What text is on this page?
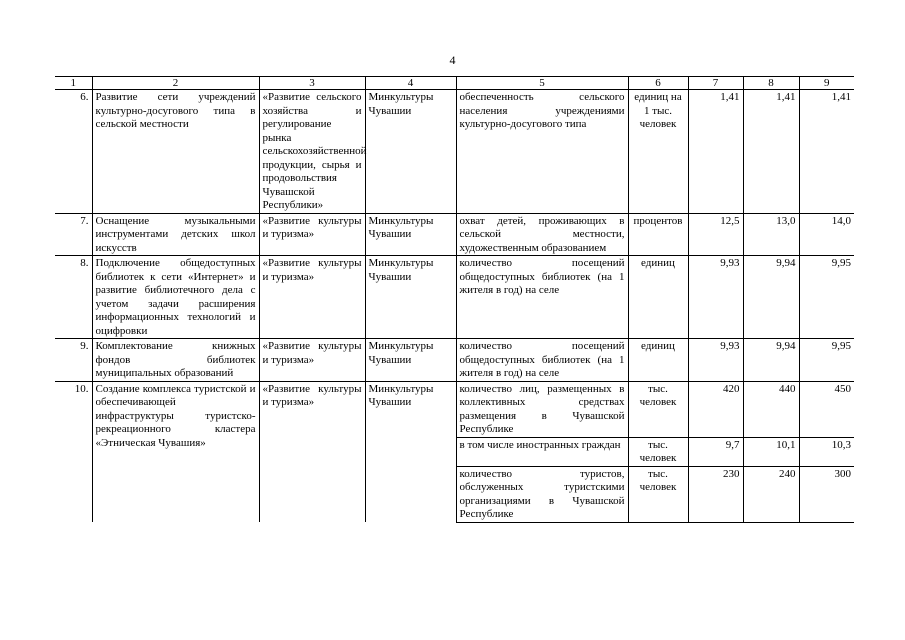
4
1	2	3	4	5	6	7	8	9
6.	Развитие сети учреждений культурно-досугового типа в сельской местности	«Развитие сельского хозяйства и регулирование рынка сельскохозяйственной продукции, сырья и продовольствия Чувашской Республики»	Минкультуры Чувашии	обеспеченность сельского населения учреждениями культурно-досугового типа	единиц на 1 тыс. человек	1,41	1,41	1,41
7.	Оснащение музыкальными инструментами детских школ искусств	«Развитие культуры и туризма»	Минкультуры Чувашии	охват детей, проживающих в сельской местности, художественным образованием	процентов	12,5	13,0	14,0
8.	Подключение общедоступных библиотек к сети «Интернет» и развитие библиотечного дела с учетом задачи расширения информационных технологий и оцифровки	«Развитие культуры и туризма»	Минкультуры Чувашии	количество посещений общедоступных библиотек (на 1 жителя в год) на селе	единиц	9,93	9,94	9,95
9.	Комплектование книжных фондов библиотек муниципальных образований	«Развитие культуры и туризма»	Минкультуры Чувашии	количество посещений общедоступных библиотек (на 1 жителя в год) на селе	единиц	9,93	9,94	9,95
10.	Создание комплекса туристской и обеспечивающей инфраструктуры туристско-рекреационного кластера «Этническая Чувашия»	«Развитие культуры и туризма»	Минкультуры Чувашии	количество лиц, размещенных в коллективных средствах размещения в Чувашской Республике	тыс. человек	420	440	450
				в том числе иностранных граждан	тыс. человек	9,7	10,1	10,3
				количество туристов, обслуженных туристскими организациями в Чувашской Республике	тыс. человек	230	240	300
